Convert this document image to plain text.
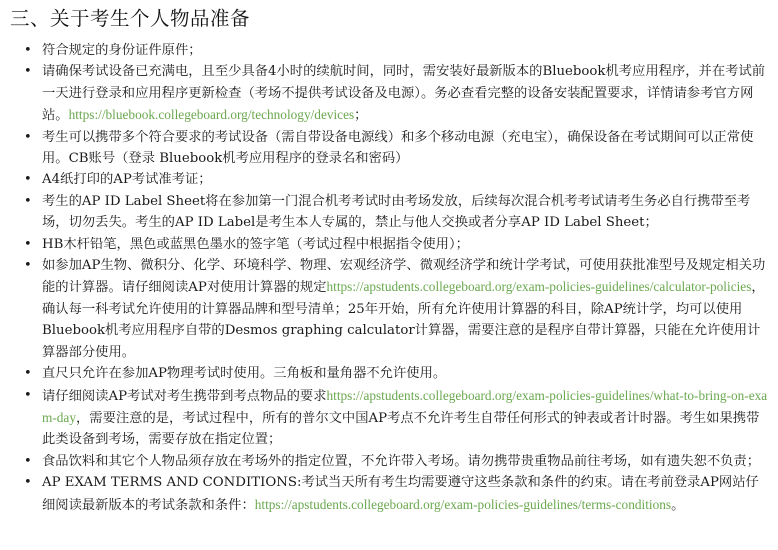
三、关于考生个人物品准备
• 符合规定的身份证件原件；
• 请确保考试设备已充满电，且至少具备4小时的续航时间，同时，需安装好最新版本的Bluebook机考应用程序，并在考试前一天进行登录和应用程序更新检查（考场不提供考试设备及电源）。务必查看完整的设备安装配置要求，详情请参考官方网站。https://bluebook.collegeboard.org/technology/devices；
• 考生可以携带多个符合要求的考试设备（需自带设备电源线）和多个移动电源（充电宝），确保设备在考试期间可以正常使用。CB账号（登录 Bluebook机考应用程序的登录名和密码）
• A4纸打印的AP考试准考证；
• 考生的AP ID Label Sheet将在参加第一门混合机考考试时由考场发放，后续每次混合机考考试请考生务必自行携带至考场，切勿丢失。考生的AP ID Label是考生本人专属的，禁止与他人交换或者分享AP ID Label Sheet；
• HB木杆铅笔，黑色或蓝黑色墨水的签字笔（考试过程中根据指令使用）；
• 如参加AP生物、微积分、化学、环境科学、物理、宏观经济学、微观经济学和统计学考试，可使用获批准型号及规定相关功能的计算器。请仔细阅读AP对使用计算器的规定https://apstudents.collegeboard.org/exam-policies-guidelines/calculator-policies，确认每一科考试允许使用的计算器品牌和型号清单；25年开始，所有允许使用计算器的科目，除AP统计学，均可以使用Bluebook机考应用程序自带的Desmos graphing calculator计算器，需要注意的是程序自带计算器，只能在允许使用计算器部分使用。
• 直尺只允许在参加AP物理考试时使用。三角板和量角器不允许使用。
• 请仔细阅读AP考试对考生携带到考点物品的要求https://apstudents.collegeboard.org/exam-policies-guidelines/what-to-bring-on-exam-day，需要注意的是，考试过程中，所有的普尔文中国AP考点不允许考生自带任何形式的钟表或者计时器。考生如果携带此类设备到考场，需要存放在指定位置；
• 食品饮料和其它个人物品须存放在考场外的指定位置，不允许带入考场。请勿携带贵重物品前往考场，如有遗失恕不负责；
• AP EXAM TERMS AND CONDITIONS:考试当天所有考生均需要遵守这些条款和条件的约束。请在考前登录AP网站仔细阅读最新版本的考试条款和条件：https://apstudents.collegeboard.org/exam-policies-guidelines/terms-conditions。
